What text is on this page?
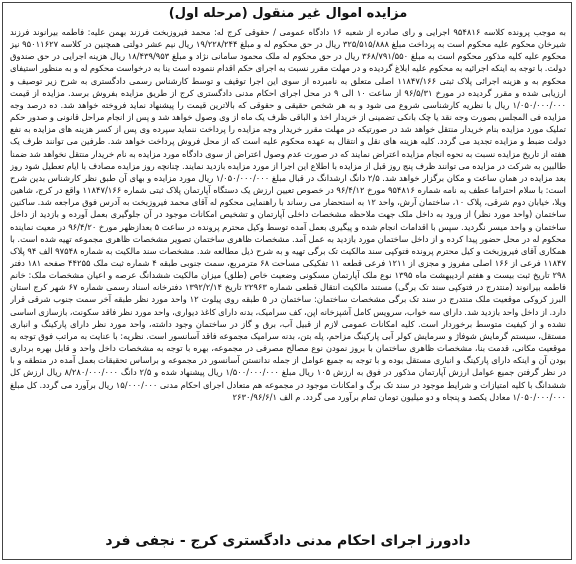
مزایده اموال غیر منقول (مرحله اول)
به موجب پرونده کلاسه ۹۵۴۸۱۶ اجرایی و رای صادره از شعبه ۱۶ دادگاه عمومی / حقوقی کرج له: محمد فیروزبخت فرزند بهمن علیه: فاطمه بیرانوند فرزند شیرخان محکوم علیه محکوم است به پرداخت مبلغ ۳۲۵/۵۱۵/۸۸۸ ریال در حق محکوم له و مبلغ ۱۹/۲۲۸/۲۴۴ ریال نیم عشر دولتی همچنین در کلاسه ۹۵۰۱۱۶۲۷ نیز محکوم علیه کلیه مذکور محکوم است به مبلغ ۳۶۸/۷۹۱/۵۵۰ ریال در حق محکوم له ملک محمود سامانی نژاد و مبلغ ۱۸/۴۳۹/۹۵۳ ریال هزینه اجرایی در حق صندوق دولت. با توجه به اینکه اجرائیه به محکوم علیه ابلاغ گردیده و در مهلت مقرر نسبت به اجرای حکم اقدام ننموده است بنا به درخواست محکوم له و به منظور استیفای محکوم به و هزینه اجرائی پلاک ثبتی ۱۱۸۴۷/۱۶۶ اصلی متعلق به نامبرده از سوی این اجرا توقیف و توسط کارشناس رسمی دادگستری به شرح زیر توصیف و ارزیابی شده و مقرر گردیده در مورخ ۹۶/۵/۳۱ از ساعت ۱۰ الی ۹ در محل اجرای احکام مدنی دادگستری کرج از طریق مزایده بفروش برسد. مزایده از قیمت ۱/۰۵۰/۰۰۰/۰۰۰ ریال با نظریه کارشناسی شروع می شود و به هر شخص حقیقی و حقوقی که بالاترین قیمت را پیشنهاد نماید فروخته خواهد شد. ده درصد وجه مزایده فی المجلس بصورت وجه نقد یا چک بانکی تضمینی از خریدار اخذ و الباقی ظرف یک ماه از وی وصول خواهد شد و پس از انجام مراحل قانونی و صدور حکم تملیک مورد مزایده بنام خریدار منتقل خواهد شد در صورتیکه در مهلت مقرر خریدار وجه مزایده را پرداخت ننماید سپرده وی پس از کسر هزینه های مزایده به نفع دولت ضبط و مزایده تجدید می گردد. کلیه هزینه های نقل و انتقال به عهده محکوم علیه است که از محل فروش پرداخت خواهد شد. طرفین می توانند ظرف یک هفته از تاریخ مزایده نسبت به نحوه انجام مزایده اعتراض نمایند که در صورت عدم وصول اعتراض از سوی دادگاه مورد مزایده به نام خریدار منتقل نخواهد شد ضمنا طالبین به شرکت در مزایده می توانند ظرف پنج روز قبل از مزایده با اطلاع این اجرا از مورد مزایده بازدید نمایند. چنانچه روز مزایده مصادف با ایام تعطیل شود روز بعد مزایده در همان ساعت و مکان برگزار خواهد شد. ۲/۵ دانگ ارشدانگ در قبال مبلغ ۱/۰۵۰/۰۰۰/۰۰۰ ریال مورد مزایده و بهای آن طبق نظر کارشناس بدین شرح است: با سلام احتراما عطف به نامه شماره ۹۵۴۸۱۶ مورخ ۹۶/۴/۱۲ در خصوص تعیین ارزش یک دستگاه آپارتمان پلاک ثبتی شماره ۱۱۸۴۷/۱۶۶ واقع در کرج، شاهین ویلا، خیابان دوم شرقی، پلاک ۱۰، ساختمان آرش، واحد ۱۲ به استحضار می رساند با راهنمایی محکوم له آقای محمد فیروزبخت به آدرس فوق مراجعه شد. ساکنین ساختمان (واحد مورد نظر) از ورود به داخل ملک جهت ملاحظه مشخصات داخلی آپارتمان و تشخیص امکانات موجود در آن جلوگیری بعمل آورده و بازدید از داخل ساختمان و واحد میسر نگردید. سپس با اقدامات انجام شده و پیگیری بعمل آمده توسط وکیل محترم پرونده در ساعت ۵ بعدازظهر مورخ ۹۶/۴/۲۰ در معیت نماینده محکوم له در محل حضور پیدا کرده و از داخل ساختمان مورد بازدید به عمل آمد. مشخصات ظاهری ساختمان تصویر مشخصات ظاهری مجموعه تهیه شده است. با همکاری آقای فیروزبخت و کیل محترم پرونده فتوکپی سند مالکیت تک برگی تهیه و به شرح ذیل مطالعه شد. مشخصات سند مالکیت به شماره ۹۷۵۴۸ الف ۹۴ پلاک ۱۱۸۴۷ فرعی از ۱۶۶ اصلی مفروز و مجزی از ۱۲۱۱ فرعی قطعه ۱۱ تفکیکی مساحت ۶۸ مترمربع، سمت جنوبی طبقه ۴ شماره ثبت ملک ۴۴۲۵۵ صفحه ۱۸۱ دفتر ۲۹۸ تاریخ ثبت بیست و هفتم اردیبهشت ماه ۱۳۹۵ نوع ملک آپارتمان مسکونی وضعیت خاص (طلق) میزان مالکیت ششدانگ عرصه و اعیان مشخصات ملک: خانم فاطمه بیرانوند (منتدرج در فتوکپی سند تک برگی) مستند مالکیت انتقال قطعی شماره ۲۲۹۶۳ تاریخ ۱۳۹۲/۲/۱۴ دفترخانه اسناد رسمی شماره ۶۷ شهر کرج استان البرز کروکی موقعیت ملک منتدرج در سند تک برگی مشخصات ساختمان: ساختمان در ۵ طبقه روی پیلوت ۱۲ واحد مورد نظر طبقه آخر سمت جنوب شرقی قرار دارد. از داخل واحد بازدید شد. دارای سه خواب، سرویس کامل آشپزخانه اپن، کف سرامیک، بدنه دارای کاغذ دیواری، واحد مورد نظر فاقد سکونت، بازسازی اساسی نشده و از کیفیت متوسط برخوردار است. کلیه امکانات عمومی لازم از قبیل آب، برق و گاز در ساختمان وجود داشته، واحد مورد نظر دارای پارکینگ و انباری مستقل، سیستم گرمایش شوفاژ و سرمایش کولر آبی پارکینگ مزاحم، پله بتن، بدنه سرامیک مجموعه فاقد آسانسور است. نظریه: با عنایت به مراتب فوق توجه به موقعیت مکانی، قدمت بنا، مشخصات ظاهری ساختمان با بروز نمودن نوع مصالح مصرفی در مجموعه، بهره با توجه به مشخصات داخل واحد و قابل بهره برداری بودن آن و اینکه دارای پارکینگ و انباری مستقل بوده و با توجه به جمیع عوامل از جمله ندانستن آسانسور در مجموعه و براساس تحقیقات بعمل آمده در منطقه و با در نظر گرفتن جمیع عوامل ارزش آپارتمان مذکور در فوق به ارزش ۱۰۵ ریال مبلغ ۱/۵۰۰/۰۰۰/۰۰۰ ریال پیشنهاد شده و ۲/۵ دانگ ۸/۲۸۰/۰۰۰/۰۰۰ ریال ارزش کل ششدانگ با کلیه امتیازات و شرایط موجود در سند تک برگ و امکانات موجود در مجموعه هم متعادل اجرای احکام مدنی ۱۵/۰۰۰/۰۰۰ ریال برآورد می گردد. کل مبلغ ۱/۰۵۰/۰۰۰/۰۰۰ معادل یکصد و پنجاه و دو میلیون تومان تمام برآورد می گردد. م الف ۲۶۳۰/۹۶/۶/۱
دادورز اجرای احکام مدنی دادگستری کرج - نجفی فرد
